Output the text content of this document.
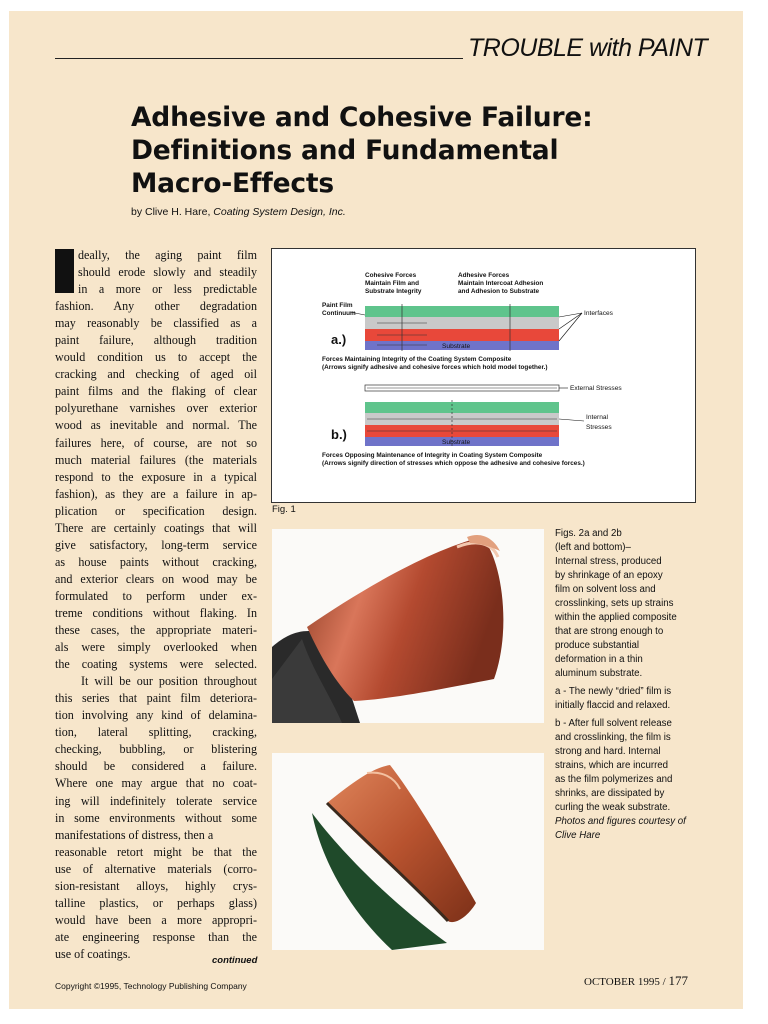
TROUBLE with PAINT
Adhesive and Cohesive Failure:
Definitions and Fundamental
Macro-Effects
by Clive H. Hare, Coating System Design, Inc.
deally, the aging paint film
should erode slowly and steadily
in a more or less predictable
fashion. Any other degradation
may reasonably be classified as a
paint failure, although tradition
would condition us to accept the
cracking and checking of aged oil
paint films and the flaking of clear
polyurethane varnishes over exterior
wood as inevitable and normal. The
failures here, of course, are not so
much material failures (the materials
respond to the exposure in a typical
fashion), as they are a failure in ap-
plication or specification design.
There are certainly coatings that will
give satisfactory, long-term service
as house paints without cracking,
and exterior clears on wood may be
formulated to perform under ex-
treme conditions without flaking. In
these cases, the appropriate materi-
als were simply overlooked when
the coating systems were selected.
It will be our position throughout
this series that paint film deteriora-
tion involving any kind of delamina-
tion, lateral splitting, cracking,
checking, bubbling, or blistering
should be considered a failure.
Where one may argue that no coat-
ing will indefinitely tolerate service
in some environments without some
manifestations of distress, then a
reasonable retort might be that the
use of alternative materials (corro-
sion-resistant alloys, highly crys-
talline plastics, or perhaps glass)
would have been a more appropri-
ate engineering response than the
use of coatings.	continued
Cohesive Forces
Maintain Film and
Substrate Integrity
Adhesive Forces
Maintain Intercoat Adhesion
and Adhesion to Substrate
Paint Film
Continuum
Substrate
a.)
Interfaces
Forces Maintaining Integrity of the Coating System Composite
(Arrows signify adhesive and cohesive forces which hold model together.)
External Stresses
Substrate
b.)
Internal
Stresses
Forces Opposing Maintenance of Integrity in Coating System Composite
(Arrows signify direction of stresses which oppose the adhesive and cohesive forces.)
Fig. 1
Figs. 2a and 2b
(left and bottom)–
Internal stress, produced
by shrinkage of an epoxy
film on solvent loss and
crosslinking, sets up strains
within the applied composite
that are strong enough to
produce substantial
deformation in a thin
aluminum substrate.
a - The newly “dried” film is
initially flaccid and relaxed.
b - After full solvent release
and crosslinking, the film is
strong and hard. Internal
strains, which are incurred
as the film polymerizes and
shrinks, are dissipated by
curling the weak substrate.
Photos and figures courtesy of
Clive Hare
Copyright ©1995, Technology Publishing Company	OCTOBER 1995 / 177
